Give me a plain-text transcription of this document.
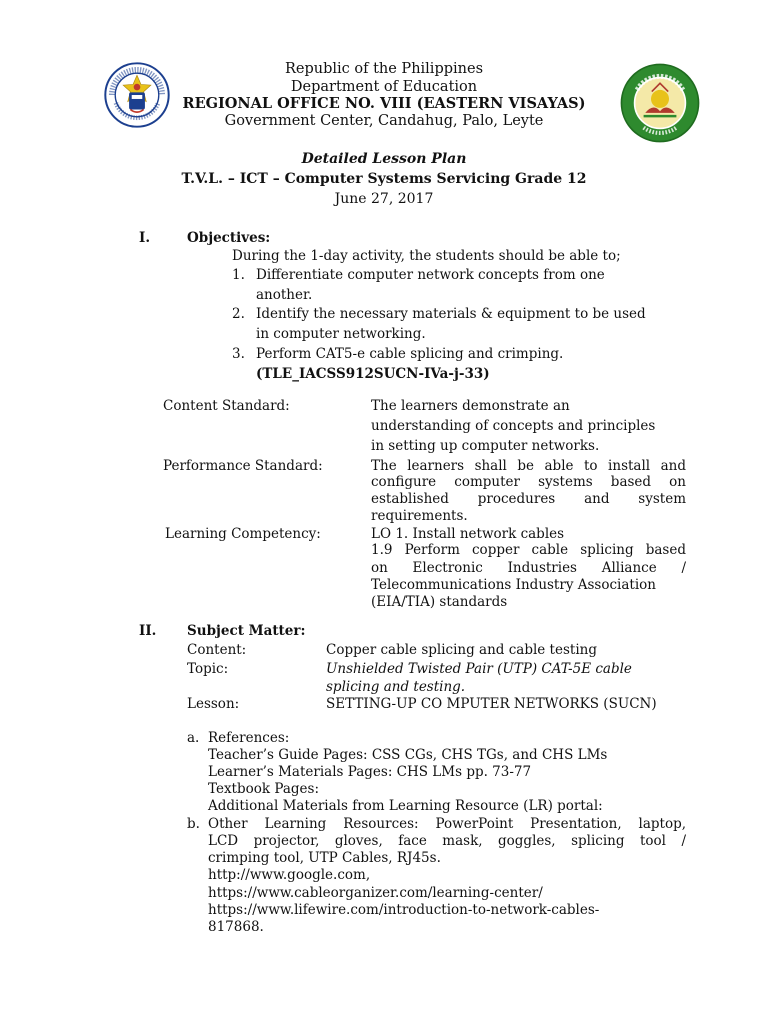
Republic of the Philippines
Department of Education
REGIONAL OFFICE NO. VIII (EASTERN VISAYAS)
Government Center, Candahug, Palo, Leyte
Detailed Lesson Plan
T.V.L. – ICT – Computer Systems Servicing Grade 12
June 27, 2017
I.	Objectives:
During the 1-day activity, the students should be able to;
1. Differentiate computer network concepts from one
another.
2. Identify the necessary materials & equipment to be used
in computer networking.
3. Perform CAT5-e cable splicing and crimping.
(TLE_IACSS912SUCN-IVa-j-33)
Content Standard:	The learners demonstrate an
understanding of concepts and principles
in setting up computer networks.
Performance Standard:	The learners shall be able to install and
configure computer systems based on
established procedures and system
requirements.
Learning Competency:	LO 1. Install network cables
1.9 Perform copper cable splicing based
on Electronic Industries Alliance /
Telecommunications Industry Association
(EIA/TIA) standards
II. Subject Matter:
Content:	Copper cable splicing and cable testing
Topic:	Unshielded Twisted Pair (UTP) CAT-5E cable
splicing and testing.
Lesson:	SETTING-UP CO MPUTER NETWORKS (SUCN)
a. References:
Teacher’s Guide Pages: CSS CGs, CHS TGs, and CHS LMs
Learner’s Materials Pages: CHS LMs pp. 73-77
Textbook Pages:
Additional Materials from Learning Resource (LR) portal:
b. Other Learning Resources: PowerPoint Presentation, laptop,
LCD projector, gloves, face mask, goggles, splicing tool /
crimping tool, UTP Cables, RJ45s.
http://www.google.com,
https://www.cableorganizer.com/learning-center/
https://www.lifewire.com/introduction-to-network-cables-
817868.
